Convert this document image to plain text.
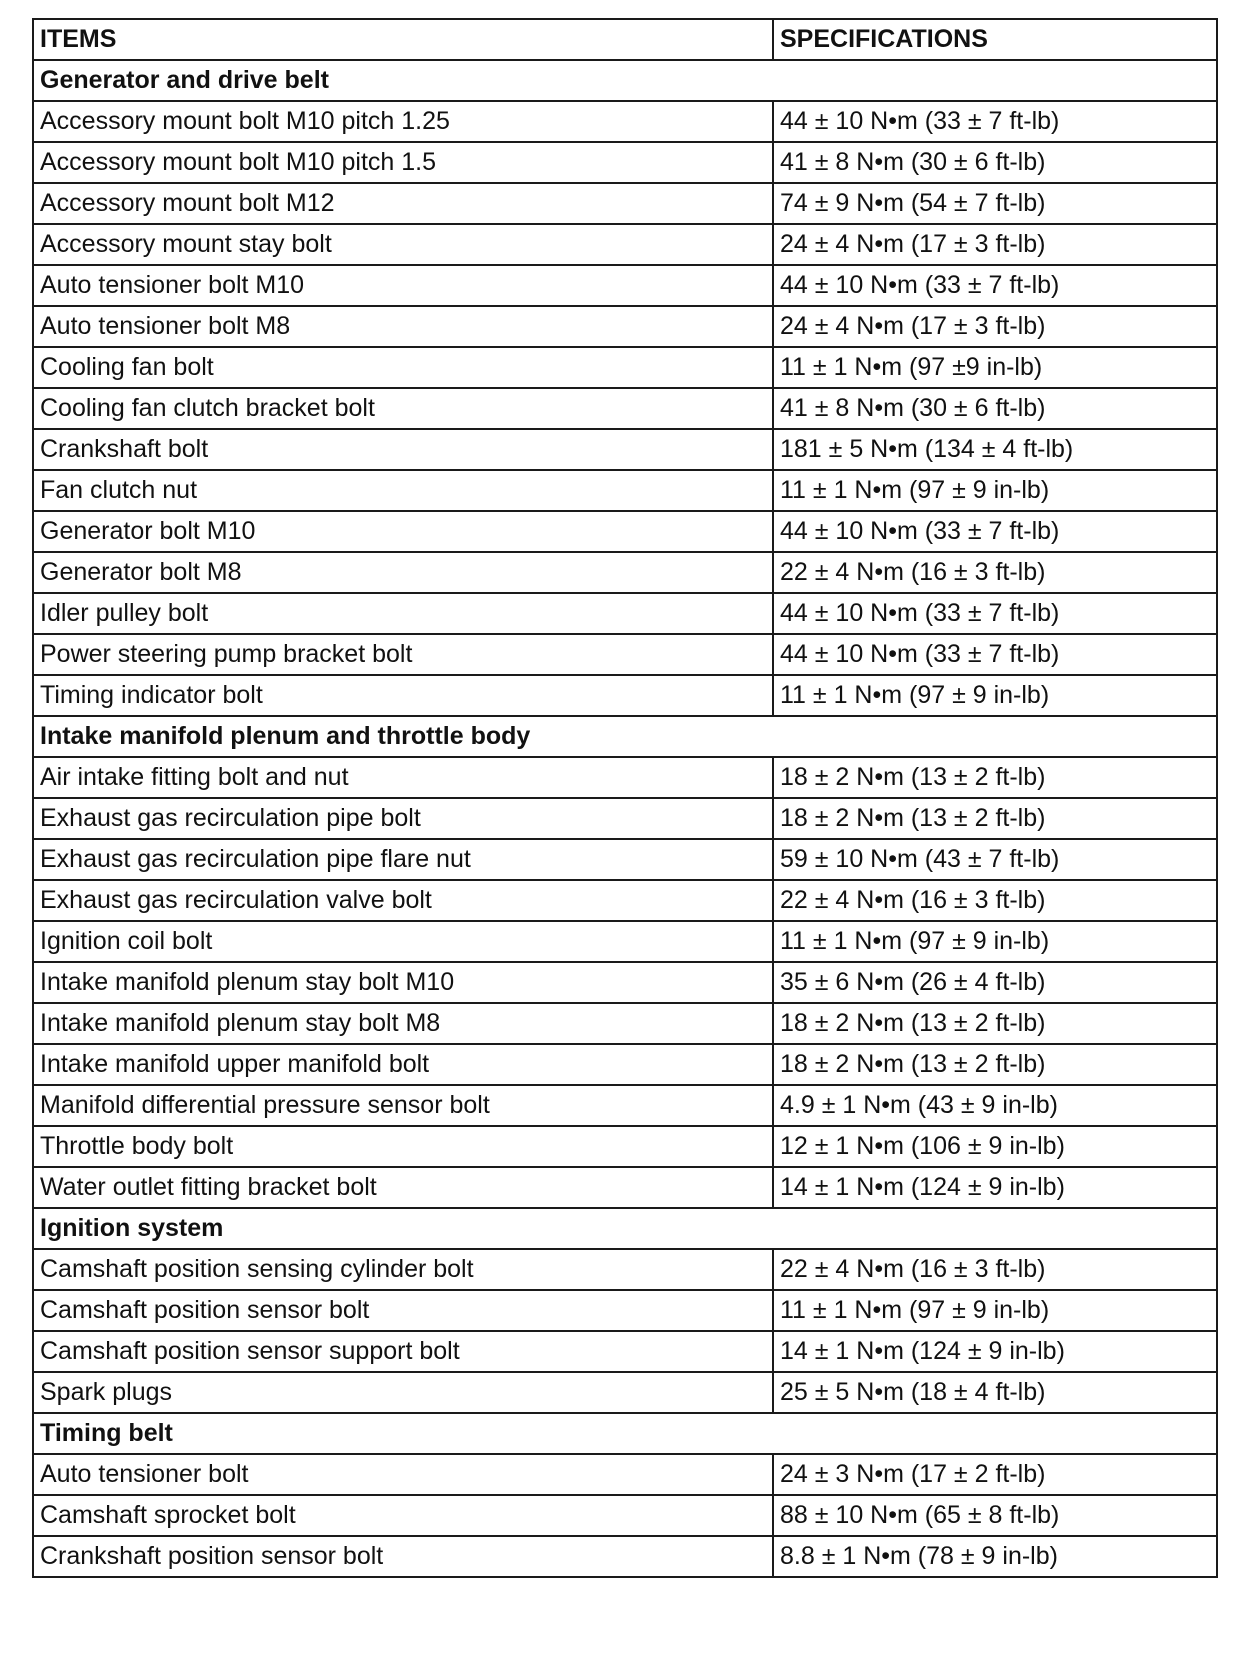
ITEMS	SPECIFICATIONS
Generator and drive belt	
Accessory mount bolt M10 pitch 1.25	44 ± 10 N•m (33 ± 7 ft-lb)
Accessory mount bolt M10 pitch 1.5	41 ± 8 N•m (30 ± 6 ft-lb)
Accessory mount bolt M12	74 ± 9 N•m (54 ± 7 ft-lb)
Accessory mount stay bolt	24 ± 4 N•m (17 ± 3 ft-lb)
Auto tensioner bolt M10	44 ± 10 N•m (33 ± 7 ft-lb)
Auto tensioner bolt M8	24 ± 4 N•m (17 ± 3 ft-lb)
Cooling fan bolt	11 ± 1 N•m (97 ±9 in-lb)
Cooling fan clutch bracket bolt	41 ± 8 N•m (30 ± 6 ft-lb)
Crankshaft bolt	181 ± 5 N•m (134 ± 4 ft-lb)
Fan clutch nut	11 ± 1 N•m (97 ± 9 in-lb)
Generator bolt M10	44 ± 10 N•m (33 ± 7 ft-lb)
Generator bolt M8	22 ± 4 N•m (16 ± 3 ft-lb)
Idler pulley bolt	44 ± 10 N•m (33 ± 7 ft-lb)
Power steering pump bracket bolt	44 ± 10 N•m (33 ± 7 ft-lb)
Timing indicator bolt	11 ± 1 N•m (97 ± 9 in-lb)
Intake manifold plenum and throttle body	
Air intake fitting bolt and nut	18 ± 2 N•m (13 ± 2 ft-lb)
Exhaust gas recirculation pipe bolt	18 ± 2 N•m (13 ± 2 ft-lb)
Exhaust gas recirculation pipe flare nut	59 ± 10 N•m (43 ± 7 ft-lb)
Exhaust gas recirculation valve bolt	22 ± 4 N•m (16 ± 3 ft-lb)
Ignition coil bolt	11 ± 1 N•m (97 ± 9 in-lb)
Intake manifold plenum stay bolt M10	35 ± 6 N•m (26 ± 4 ft-lb)
Intake manifold plenum stay bolt M8	18 ± 2 N•m (13 ± 2 ft-lb)
Intake manifold upper manifold bolt	18 ± 2 N•m (13 ± 2 ft-lb)
Manifold differential pressure sensor bolt	4.9 ± 1 N•m (43 ± 9 in-lb)
Throttle body bolt	12 ± 1 N•m (106 ± 9 in-lb)
Water outlet fitting bracket bolt	14 ± 1 N•m (124 ± 9 in-lb)
Ignition system	
Camshaft position sensing cylinder bolt	22 ± 4 N•m (16 ± 3 ft-lb)
Camshaft position sensor bolt	11 ± 1 N•m (97 ± 9 in-lb)
Camshaft position sensor support bolt	14 ± 1 N•m (124 ± 9 in-lb)
Spark plugs	25 ± 5 N•m (18 ± 4 ft-lb)
Timing belt	
Auto tensioner bolt	24 ± 3 N•m (17 ± 2 ft-lb)
Camshaft sprocket bolt	88 ± 10 N•m (65 ± 8 ft-lb)
Crankshaft position sensor bolt	8.8 ± 1 N•m (78 ± 9 in-lb)
